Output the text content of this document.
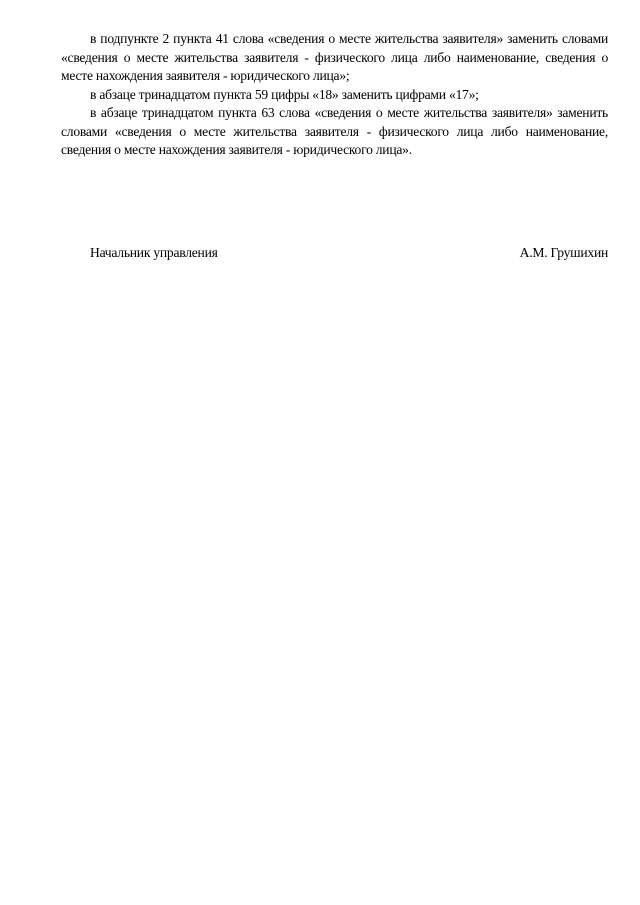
в подпункте 2 пункта 41 слова «сведения о месте жительства заявителя» заменить словами «сведения о месте жительства заявителя - физического лица либо наименование, сведения о месте нахождения заявителя - юридического лица»;

в абзаце тринадцатом пункта 59 цифры «18» заменить цифрами «17»;

в абзаце тринадцатом пункта 63 слова «сведения о месте жительства заявителя» заменить словами «сведения о месте жительства заявителя - физического лица либо наименование, сведения о месте нахождения заявителя - юридического лица».

Начальник управления	А.М. Грушихин
